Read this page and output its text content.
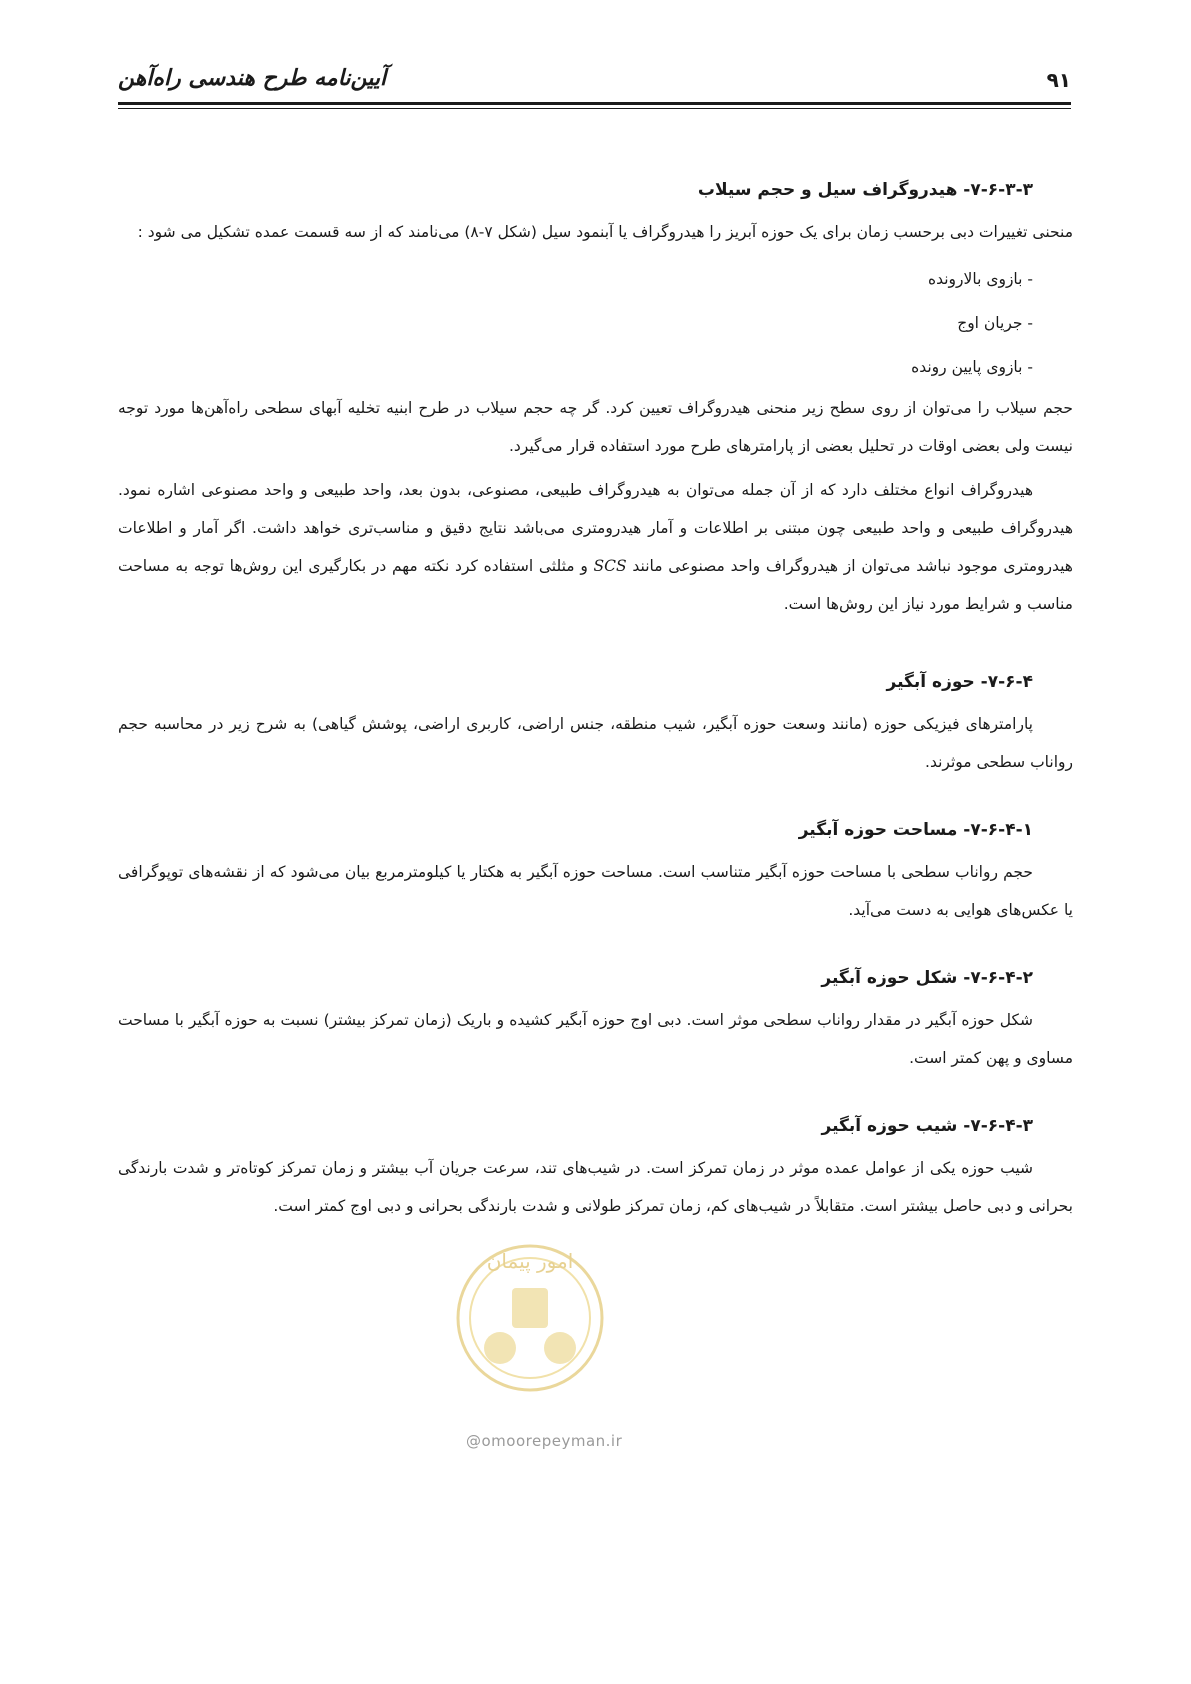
آیین‌نامه طرح هندسی راه‌آهن	۹۱
۷-۶-۳-۳- هیدروگراف سیل و حجم سیلاب

منحنی تغییرات دبی برحسب زمان برای یک حوزه آبریز را هیدروگراف یا آبنمود سیل (شکل ۷-۸) می‌نامند که از سه قسمت عمده تشکیل می شود :

- بازوی بالارونده
- جریان اوج
- بازوی پایین رونده

حجم سیلاب را می‌توان از روی سطح زیر منحنی هیدروگراف تعیین کرد. گر چه حجم سیلاب در طرح ابنیه تخلیه آبهای سطحی راه‌آهن‌ها مورد توجه نیست ولی بعضی اوقات در تحلیل بعضی از پارامترهای طرح مورد استفاده قرار می‌گیرد.

هیدروگراف انواع مختلف دارد که از آن جمله می‌توان به هیدروگراف طبیعی، مصنوعی، بدون بعد، واحد طبیعی و واحد مصنوعی اشاره نمود. هیدروگراف طبیعی و واحد طبیعی چون مبتنی بر اطلاعات و آمار هیدرومتری می‌باشد نتایج دقیق و مناسب‌تری خواهد داشت. اگر آمار و اطلاعات هیدرومتری موجود نباشد می‌توان از هیدروگراف واحد مصنوعی مانند SCS و مثلثی استفاده کرد نکته مهم در بکارگیری این روش‌ها توجه به مساحت مناسب و شرایط مورد نیاز این روش‌ها است.

۷-۶-۴- حوزه آبگیر

پارامترهای فیزیکی حوزه (مانند وسعت حوزه آبگیر، شیب منطقه، جنس اراضی، کاربری اراضی، پوشش گیاهی) به شرح زیر در محاسبه حجم رواناب سطحی موثرند.

۷-۶-۴-۱- مساحت حوزه آبگیر

حجم رواناب سطحی با مساحت حوزه آبگیر متناسب است. مساحت حوزه آبگیر به هکتار یا کیلومترمربع بیان می‌شود که از نقشه‌های توپوگرافی یا عکس‌های هوایی به دست می‌آید.

۷-۶-۴-۲- شکل حوزه آبگیر

شکل حوزه آبگیر در مقدار رواناب سطحی موثر است. دبی اوج حوزه آبگیر کشیده و باریک (زمان تمرکز بیشتر) نسبت به حوزه آبگیر با مساحت مساوی و پهن کمتر است.

۷-۶-۴-۳- شیب حوزه آبگیر

شیب حوزه یکی از عوامل عمده موثر در زمان تمرکز است. در شیب‌های تند، سرعت جریان آب بیشتر و زمان تمرکز کوتاه‌تر و شدت بارندگی بحرانی و دبی حاصل بیشتر است. متقابلاً در شیب‌های کم، زمان تمرکز طولانی و شدت بارندگی بحرانی و دبی اوج کمتر است.

امور پیمان
@omoorepeyman.ir
